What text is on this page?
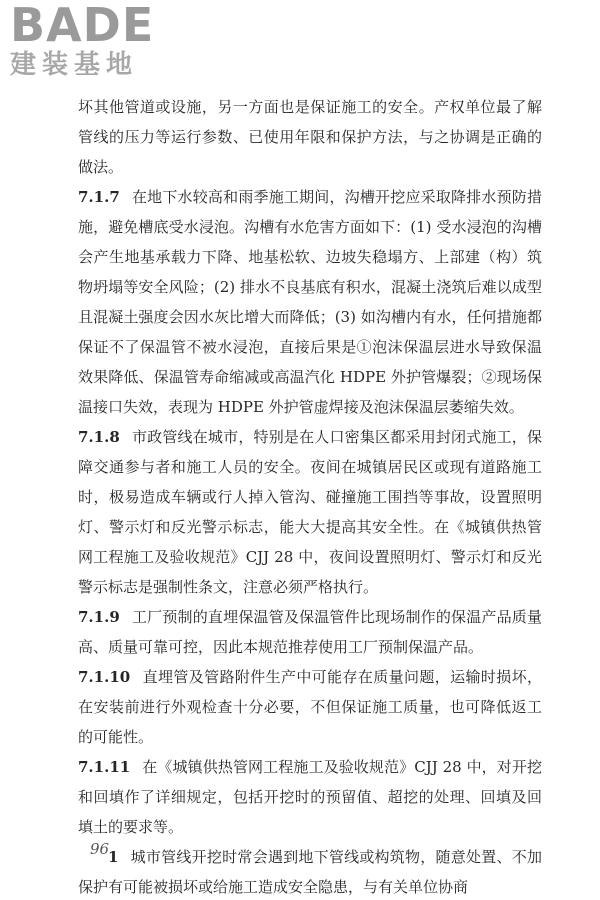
BADE
建装基地

坏其他管道或设施，另一方面也是保证施工的安全。产权单位最了解管线的压力等运行参数、已使用年限和保护方法，与之协调是正确的做法。

7.1.7 在地下水较高和雨季施工期间，沟槽开挖应采取降排水预防措施，避免槽底受水浸泡。沟槽有水危害方面如下：(1) 受水浸泡的沟槽会产生地基承载力下降、地基松软、边坡失稳塌方、上部建（构）筑物坍塌等安全风险；(2) 排水不良基底有积水，混凝土浇筑后难以成型且混凝土强度会因水灰比增大而降低；(3) 如沟槽内有水，任何措施都保证不了保温管不被水浸泡，直接后果是①泡沫保温层进水导致保温效果降低、保温管寿命缩减或高温汽化 HDPE 外护管爆裂；②现场保温接口失效，表现为 HDPE 外护管虚焊接及泡沫保温层萎缩失效。

7.1.8 市政管线在城市，特别是在人口密集区都采用封闭式施工，保障交通参与者和施工人员的安全。夜间在城镇居民区或现有道路施工时，极易造成车辆或行人掉入管沟、碰撞施工围挡等事故，设置照明灯、警示灯和反光警示标志，能大大提高其安全性。在《城镇供热管网工程施工及验收规范》CJJ 28 中，夜间设置照明灯、警示灯和反光警示标志是强制性条文，注意必须严格执行。

7.1.9 工厂预制的直埋保温管及保温管件比现场制作的保温产品质量高、质量可靠可控，因此本规范推荐使用工厂预制保温产品。

7.1.10 直埋管及管路附件生产中可能存在质量问题，运输时损坏，在安装前进行外观检查十分必要，不但保证施工质量，也可降低返工的可能性。

7.1.11 在《城镇供热管网工程施工及验收规范》CJJ 28 中，对开挖和回填作了详细规定，包括开挖时的预留值、超挖的处理、回填及回填土的要求等。

1 城市管线开挖时常会遇到地下管线或构筑物，随意处置、不加保护有可能被损坏或给施工造成安全隐患，与有关单位协商

96
